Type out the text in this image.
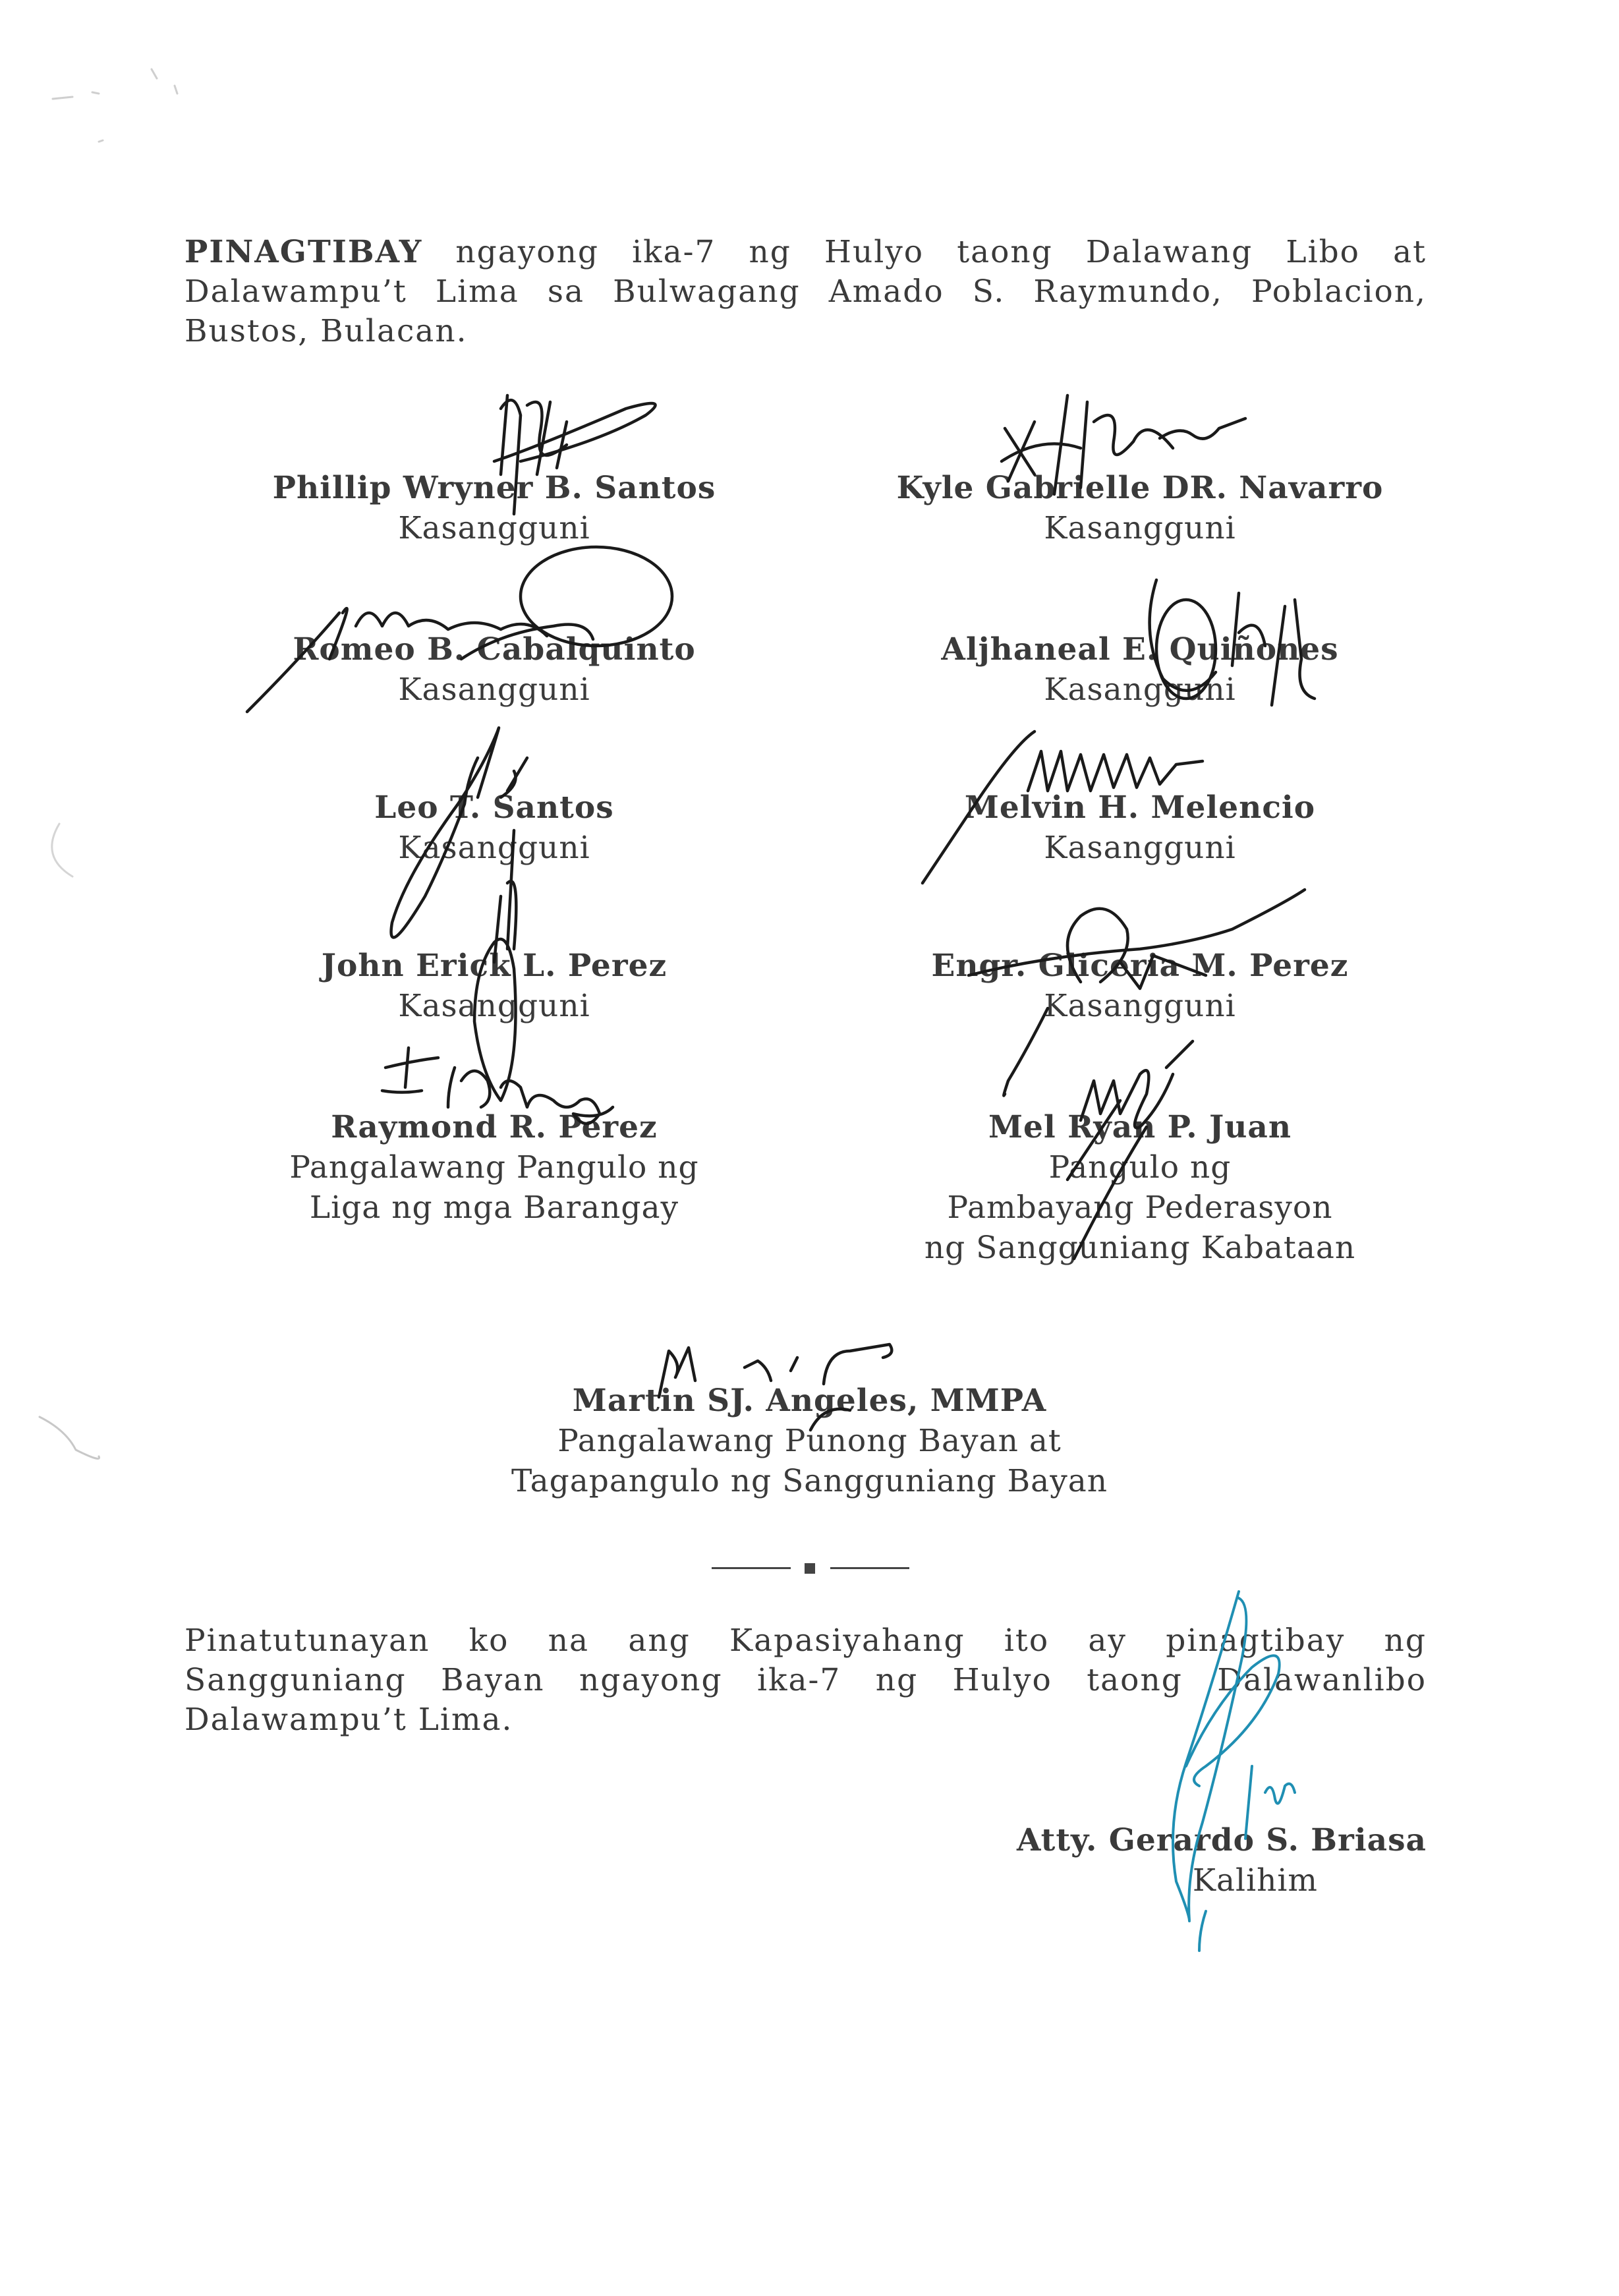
PINAGTIBAY ngayong ika-7 ng Hulyo taong Dalawang Libo at Dalawampu’t Lima sa Bulwagang Amado S. Raymundo, Poblacion, Bustos, Bulacan.

Phillip Wryner B. Santos
Kasangguni
Romeo B. Cabalquinto
Kasangguni
Leo T. Santos
Kasangguni
John Erick L. Perez
Kasangguni
Raymond R. Perez
Pangalawang Pangulo ng
Liga ng mga Barangay
Kyle Gabrielle DR. Navarro
Kasangguni
Aljhaneal E. Quiñones
Kasangguni
Melvin H. Melencio
Kasangguni
Engr. Gliceria M. Perez
Kasangguni
Mel Ryan P. Juan
Pangulo ng
Pambayang Pederasyon
ng Sangguniang Kabataan
Martin SJ. Angeles, MMPA
Pangalawang Punong Bayan at
Tagapangulo ng Sangguniang Bayan

Pinatutunayan ko na ang Kapasiyahang ito ay pinagtibay ng Sangguniang Bayan ngayong ika-7 ng Hulyo taong Dalawanlibo Dalawampu’t Lima.

Atty. Gerardo S. Briasa
Kalihim
